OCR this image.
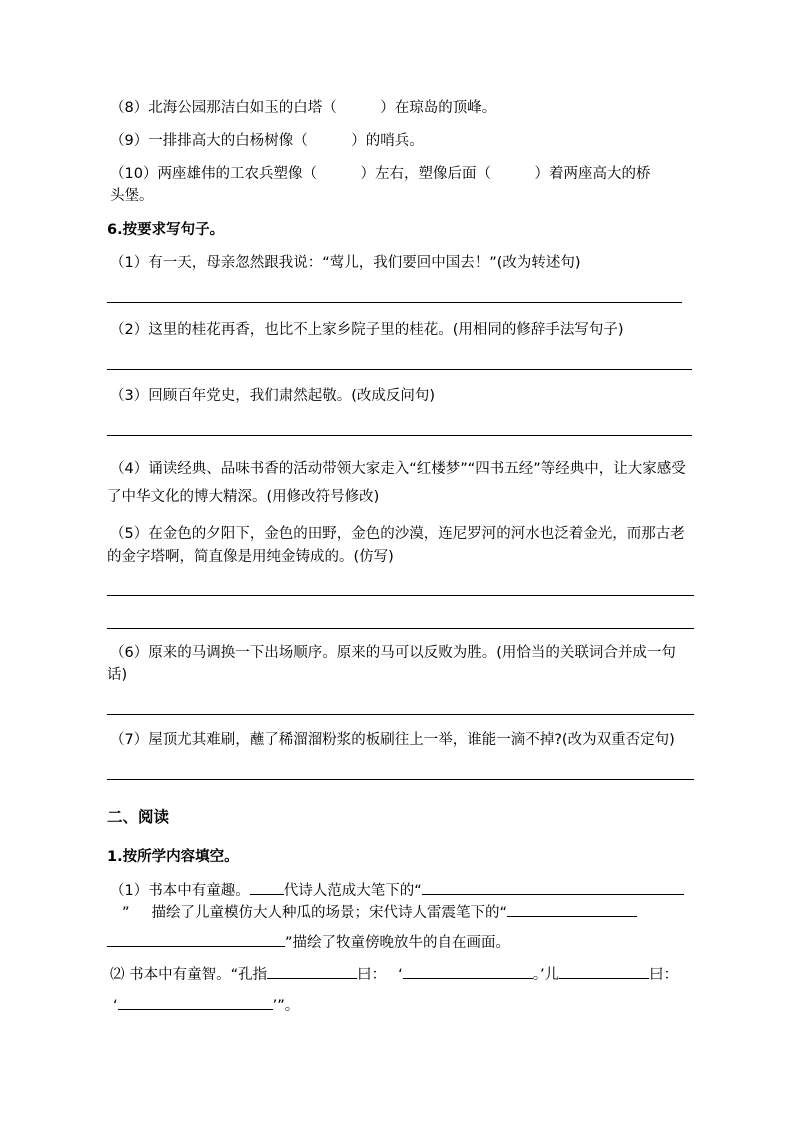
（8）北海公园那洁白如玉的白塔（　　　）在琼岛的顶峰。
（9）一排排高大的白杨树像（　　　）的哨兵。
（10）两座雄伟的工农兵塑像（　　　）左右，塑像后面（　　　）着两座高大的桥
头堡。
6.按要求写句子。
（1）有一天，母亲忽然跟我说：“莺儿，我们要回中国去！”(改为转述句)
（2）这里的桂花再香，也比不上家乡院子里的桂花。(用相同的修辞手法写句子)
（3）回顾百年党史，我们肃然起敬。(改成反问句)
（4）诵读经典、品味书香的活动带领大家走入“红楼梦”“四书五经”等经典中，让大家感受
了中华文化的博大精深。(用修改符号修改)
（5）在金色的夕阳下，金色的田野，金色的沙漠，连尼罗河的河水也泛着金光，而那古老
的金字塔啊，简直像是用纯金铸成的。(仿写)
（6）原来的马调换一下出场顺序。原来的马可以反败为胜。(用恰当的关联词合并成一句
话)
（7）屋顶尤其难刷，蘸了稀溜溜粉浆的板刷往上一举，谁能一滴不掉?(改为双重否定句)
二、阅读
1.按所学内容填空。
（1）书本中有童趣。 代诗人范成大笔下的“
” 描绘了儿童模仿大人种瓜的场景；宋代诗人雷震笔下的“
”描绘了牧童傍晚放牛的自在画面。
⑵ 书本中有童智。“孔指	曰： ‘	。’儿	曰：
‘	’”。
